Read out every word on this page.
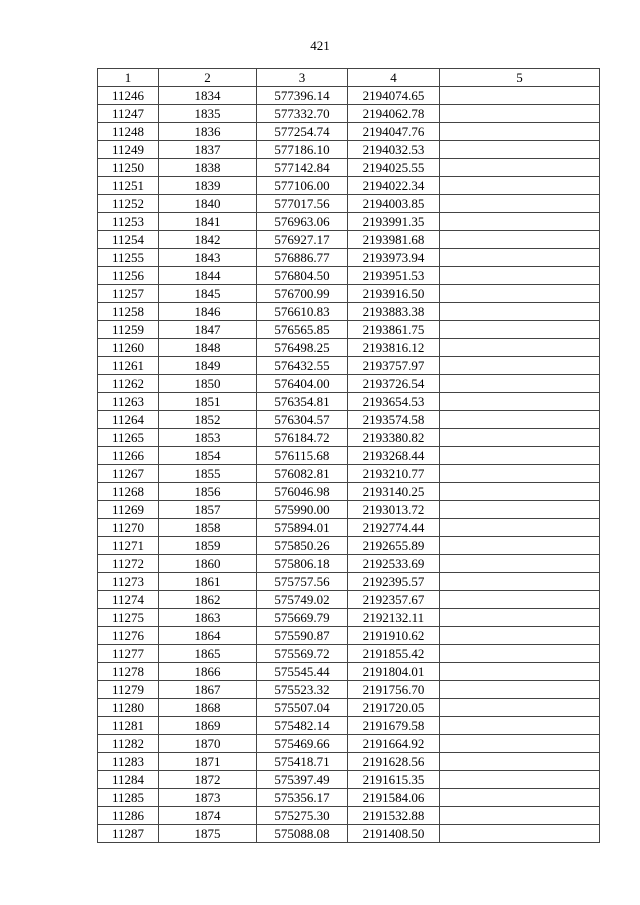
421
1	2	3	4	5
11246	1834	577396.14	2194074.65	
11247	1835	577332.70	2194062.78	
11248	1836	577254.74	2194047.76	
11249	1837	577186.10	2194032.53	
11250	1838	577142.84	2194025.55	
11251	1839	577106.00	2194022.34	
11252	1840	577017.56	2194003.85	
11253	1841	576963.06	2193991.35	
11254	1842	576927.17	2193981.68	
11255	1843	576886.77	2193973.94	
11256	1844	576804.50	2193951.53	
11257	1845	576700.99	2193916.50	
11258	1846	576610.83	2193883.38	
11259	1847	576565.85	2193861.75	
11260	1848	576498.25	2193816.12	
11261	1849	576432.55	2193757.97	
11262	1850	576404.00	2193726.54	
11263	1851	576354.81	2193654.53	
11264	1852	576304.57	2193574.58	
11265	1853	576184.72	2193380.82	
11266	1854	576115.68	2193268.44	
11267	1855	576082.81	2193210.77	
11268	1856	576046.98	2193140.25	
11269	1857	575990.00	2193013.72	
11270	1858	575894.01	2192774.44	
11271	1859	575850.26	2192655.89	
11272	1860	575806.18	2192533.69	
11273	1861	575757.56	2192395.57	
11274	1862	575749.02	2192357.67	
11275	1863	575669.79	2192132.11	
11276	1864	575590.87	2191910.62	
11277	1865	575569.72	2191855.42	
11278	1866	575545.44	2191804.01	
11279	1867	575523.32	2191756.70	
11280	1868	575507.04	2191720.05	
11281	1869	575482.14	2191679.58	
11282	1870	575469.66	2191664.92	
11283	1871	575418.71	2191628.56	
11284	1872	575397.49	2191615.35	
11285	1873	575356.17	2191584.06	
11286	1874	575275.30	2191532.88	
11287	1875	575088.08	2191408.50	
